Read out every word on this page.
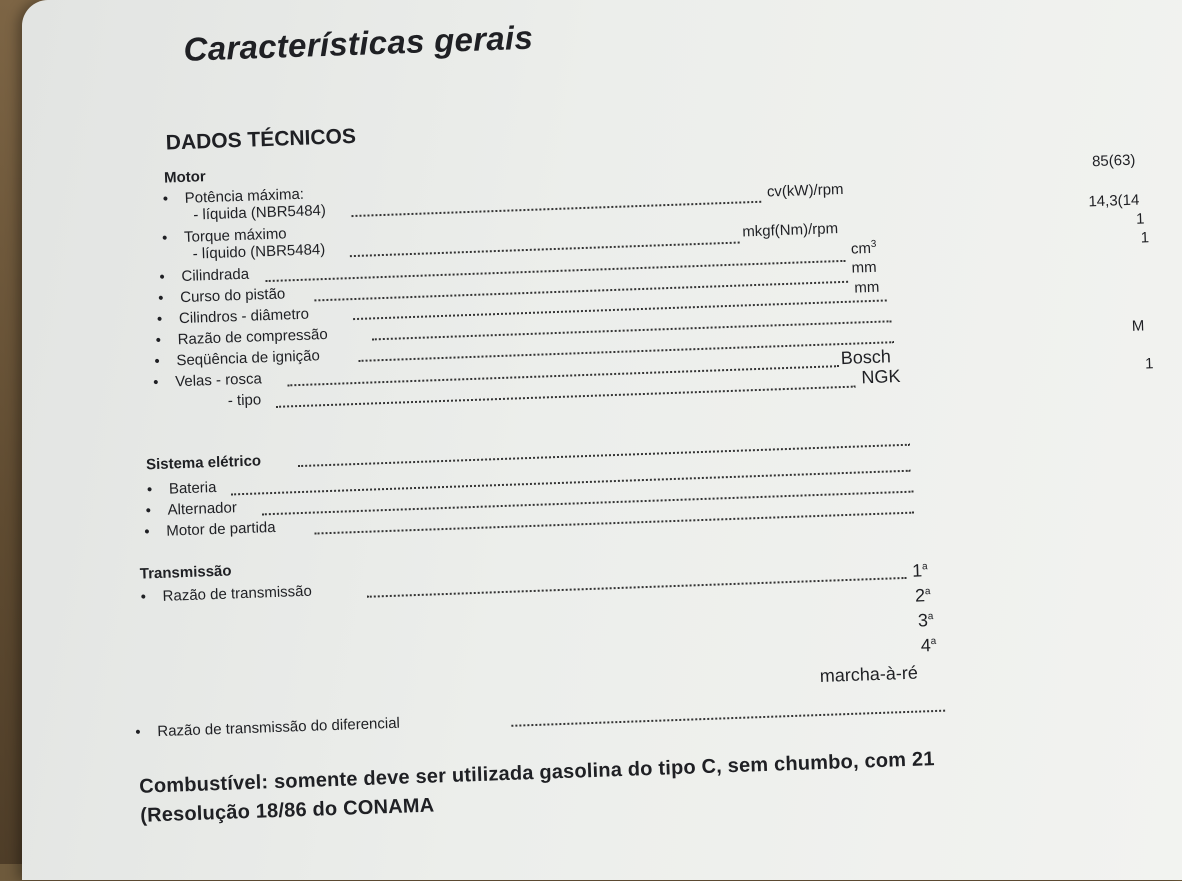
Características gerais
DADOS TÉCNICOS
Motor
• Potência máxima:
- líquida (NBR5484)
cv(kW)/rpm
• Torque máximo
- líquido (NBR5484)
mkgf(Nm)/rpm
• Cilindrada
$cm^3$
• Curso do pistão
mm
• Cilindros - diâmetro
mm
• Razão de compressão
• Seqüência de ignição
• Velas - rosca
Bosch
- tipo
NGK
85(63)
14,3(14
1
1
M
1
Sistema elétrico
• Bateria
• Alternador
• Motor de partida
Transmissão
• Razão de transmissão
1$^a$
2$^a$
3$^a$
4$^a$
marcha-à-ré
• Razão de transmissão do diferencial
Combustível: somente deve ser utilizada gasolina do tipo C, sem chumbo, com 21
(Resolução 18/86 do CONAMA
